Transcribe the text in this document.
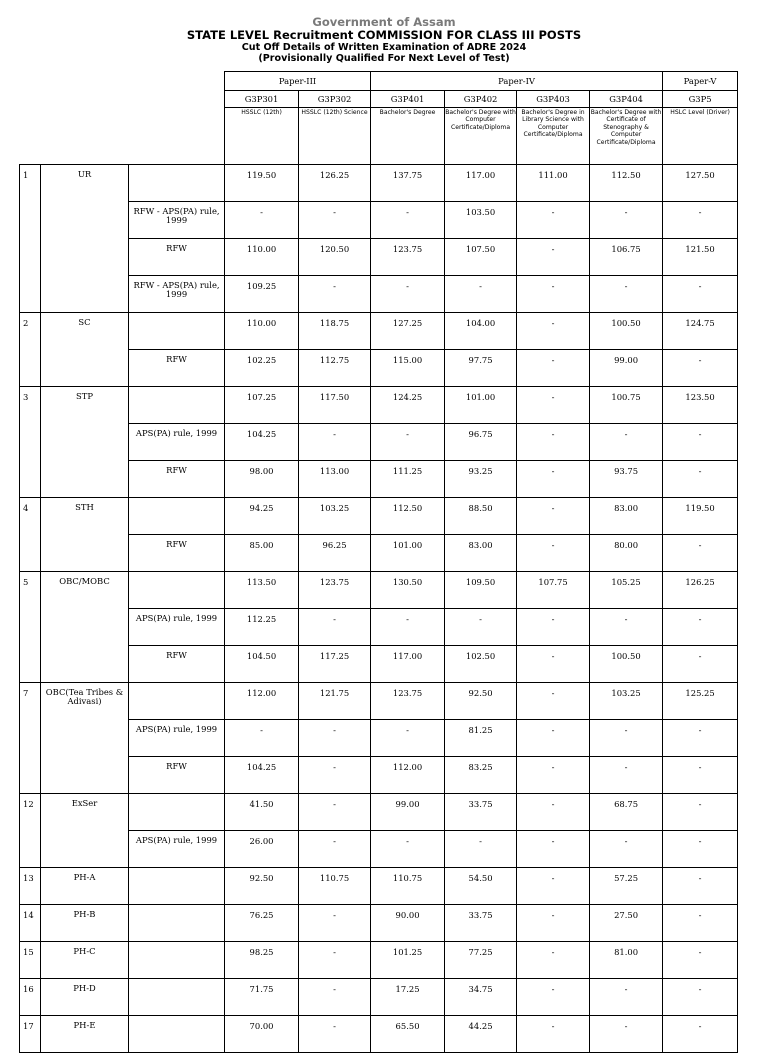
Government of Assam
STATE LEVEL Recruitment COMMISSION FOR CLASS III POSTS
Cut Off Details of Written Examination of ADRE 2024
(Provisionally Qualified For Next Level of Test)
			Paper-III		Paper-IV				Paper-V
			G3P301	G3P302	G3P401	G3P402	G3P403	G3P404	G3P5
			HSSLC (12th)	HSSLC (12th) Science	Bachelor's Degree	Bachelor's Degree with Computer Certificate/Diploma	Bachelor's Degree in Library Science with Computer Certificate/Diploma	Bachelor's Degree with Certificate of Stenography & Computer Certificate/Diploma	HSLC Level (Driver)
1	UR		119.50	126.25	137.75	117.00	111.00	112.50	127.50
		RFW - APS(PA) rule, 1999	-	-	-	103.50	-	-	-
		RFW	110.00	120.50	123.75	107.50	-	106.75	121.50
		RFW - APS(PA) rule, 1999	109.25	-	-	-	-	-	-
2	SC		110.00	118.75	127.25	104.00	-	100.50	124.75
		RFW	102.25	112.75	115.00	97.75	-	99.00	-
3	STP		107.25	117.50	124.25	101.00	-	100.75	123.50
		APS(PA) rule, 1999	104.25	-	-	96.75	-	-	-
		RFW	98.00	113.00	111.25	93.25	-	93.75	-
4	STH		94.25	103.25	112.50	88.50	-	83.00	119.50
		RFW	85.00	96.25	101.00	83.00	-	80.00	-
5	OBC/MOBC		113.50	123.75	130.50	109.50	107.75	105.25	126.25
		APS(PA) rule, 1999	112.25	-	-	-	-	-	-
		RFW	104.50	117.25	117.00	102.50	-	100.50	-
7	OBC(Tea Tribes & Adivasi)		112.00	121.75	123.75	92.50	-	103.25	125.25
		APS(PA) rule, 1999	-	-	-	81.25	-	-	-
		RFW	104.25	-	112.00	83.25	-	-	-
12	ExSer		41.50	-	99.00	33.75	-	68.75	-
		APS(PA) rule, 1999	26.00	-	-	-	-	-	-
13	PH-A		92.50	110.75	110.75	54.50	-	57.25	-
14	PH-B		76.25	-	90.00	33.75	-	27.50	-
15	PH-C		98.25	-	101.25	77.25	-	81.00	-
16	PH-D		71.75	-	17.25	34.75	-	-	-
17	PH-E		70.00	-	65.50	44.25	-	-	-
